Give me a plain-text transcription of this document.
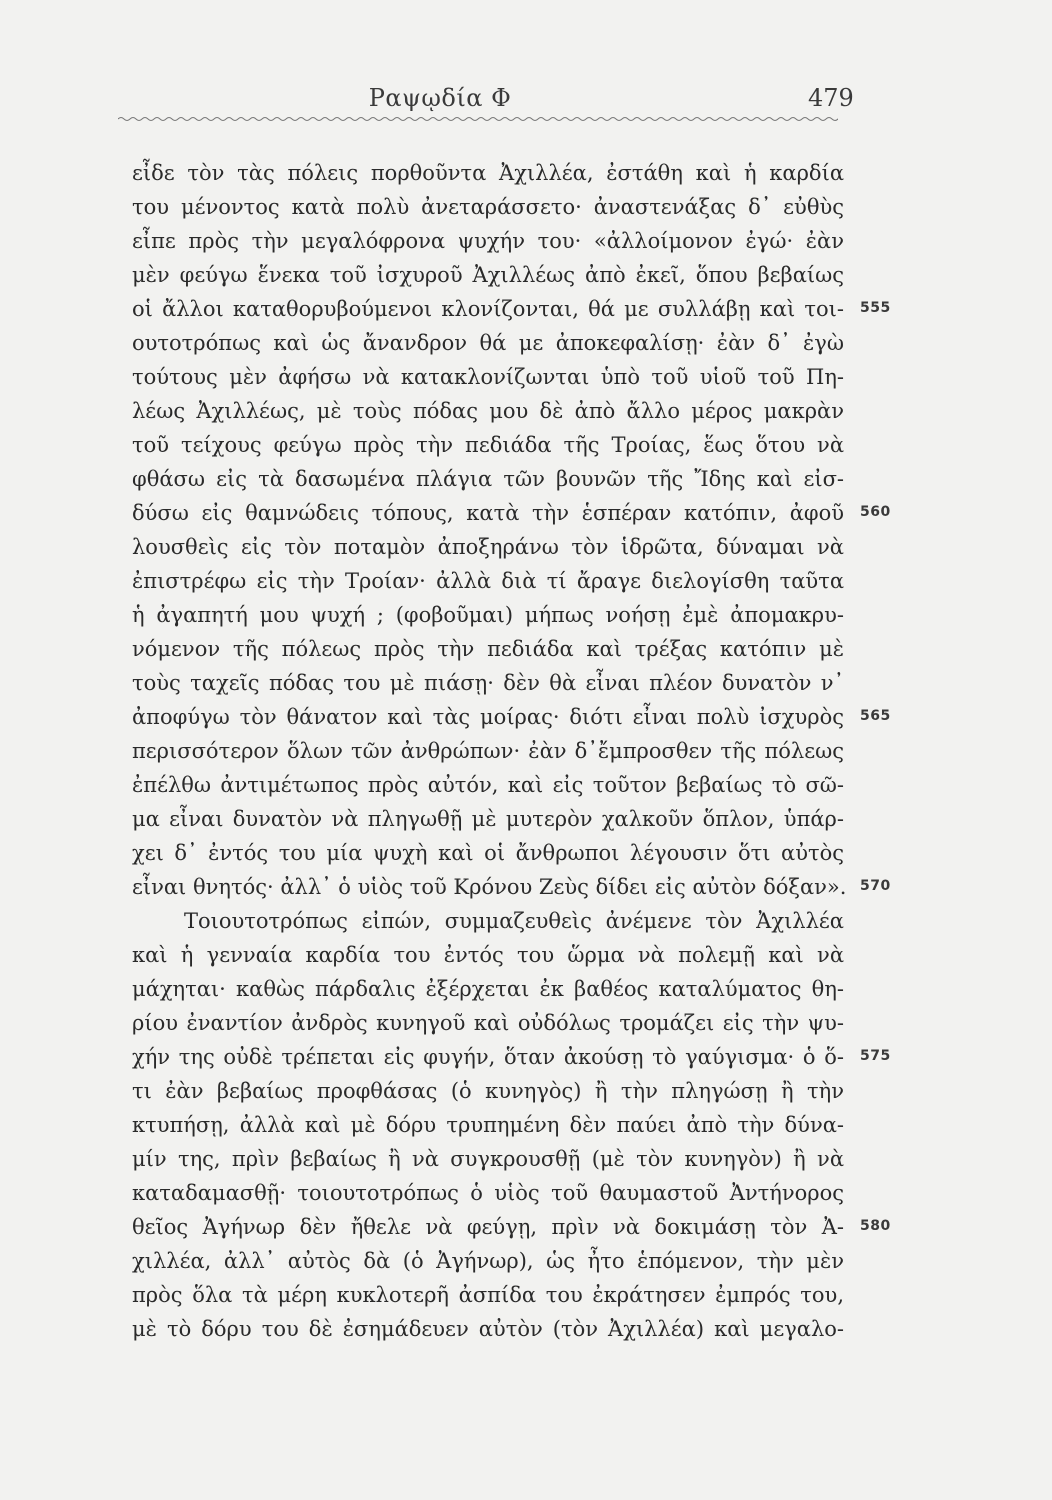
Ραψῳδία Φ	479
εἶδε τὸν τὰς πόλεις πορθοῦντα Ἀχιλλέα, ἐστάθη καὶ ἡ καρδία
του μένοντος κατὰ πολὺ ἀνεταράσσετο· ἀναστενάξας δ᾽ εὐθὺς
εἶπε πρὸς τὴν μεγαλόφρονα ψυχήν του· «ἀλλοίμονον ἐγώ· ἐὰν
μὲν φεύγω ἕνεκα τοῦ ἰσχυροῦ Ἀχιλλέως ἀπὸ ἐκεῖ, ὅπου βεβαίως
οἱ ἄλλοι καταθορυβούμενοι κλονίζονται, θά με συλλάβῃ καὶ τοι-
ουτοτρόπως καὶ ὡς ἄνανδρον θά με ἀποκεφαλίσῃ· ἐὰν δ᾽ ἐγὼ
τούτους μὲν ἀφήσω νὰ κατακλονίζωνται ὑπὸ τοῦ υἱοῦ τοῦ Πη-
λέως Ἀχιλλέως, μὲ τοὺς πόδας μου δὲ ἀπὸ ἄλλο μέρος μακρὰν
τοῦ τείχους φεύγω πρὸς τὴν πεδιάδα τῆς Τροίας, ἕως ὅτου νὰ
φθάσω εἰς τὰ δασωμένα πλάγια τῶν βουνῶν τῆς Ἴδης καὶ εἰσ-
δύσω εἰς θαμνώδεις τόπους, κατὰ τὴν ἑσπέραν κατόπιν, ἀφοῦ
λουσθεὶς εἰς τὸν ποταμὸν ἀποξηράνω τὸν ἱδρῶτα, δύναμαι νὰ
ἐπιστρέφω εἰς τὴν Τροίαν· ἀλλὰ διὰ τί ἄραγε διελογίσθη ταῦτα
ἡ ἀγαπητή μου ψυχή ; (φοβοῦμαι) μήπως νοήσῃ ἐμὲ ἀπομακρυ-
νόμενον τῆς πόλεως πρὸς τὴν πεδιάδα καὶ τρέξας κατόπιν μὲ
τοὺς ταχεῖς πόδας του μὲ πιάσῃ· δὲν θὰ εἶναι πλέον δυνατὸν ν᾽
ἀποφύγω τὸν θάνατον καὶ τὰς μοίρας· διότι εἶναι πολὺ ἰσχυρὸς
περισσότερον ὅλων τῶν ἀνθρώπων· ἐὰν δ᾽ἔμπροσθεν τῆς πόλεως
ἐπέλθω ἀντιμέτωπος πρὸς αὐτόν, καὶ εἰς τοῦτον βεβαίως τὸ σῶ-
μα εἶναι δυνατὸν νὰ πληγωθῇ μὲ μυτερὸν χαλκοῦν ὅπλον, ὑπάρ-
χει δ᾽ ἐντός του μία ψυχὴ καὶ οἱ ἄνθρωποι λέγουσιν ὅτι αὐτὸς
εἶναι θνητός· ἀλλ᾽ ὁ υἱὸς τοῦ Κρόνου Ζεὺς δίδει εἰς αὐτὸν δόξαν».
Τοιουτοτρόπως εἰπών, συμμαζευθεὶς ἀνέμενε τὸν Ἀχιλλέα
καὶ ἡ γενναία καρδία του ἐντός του ὥρμα νὰ πολεμῇ καὶ νὰ
μάχηται· καθὼς πάρδαλις ἐξέρχεται ἐκ βαθέος καταλύματος θη-
ρίου ἐναντίον ἀνδρὸς κυνηγοῦ καὶ οὐδόλως τρομάζει εἰς τὴν ψυ-
χήν της οὐδὲ τρέπεται εἰς φυγήν, ὅταν ἀκούσῃ τὸ γαύγισμα· ὁ ὅ-
τι ἐὰν βεβαίως προφθάσας (ὁ κυνηγὸς) ἢ τὴν πληγώσῃ ἢ τὴν
κτυπήσῃ, ἀλλὰ καὶ μὲ δόρυ τρυπημένη δὲν παύει ἀπὸ τὴν δύνα-
μίν της, πρὶν βεβαίως ἢ νὰ συγκρουσθῇ (μὲ τὸν κυνηγὸν) ἢ νὰ
καταδαμασθῇ· τοιουτοτρόπως ὁ υἱὸς τοῦ θαυμαστοῦ Ἀντήνορος
θεῖος Ἀγήνωρ δὲν ἤθελε νὰ φεύγῃ, πρὶν νὰ δοκιμάσῃ τὸν Ἀ-
χιλλέα, ἀλλ᾽ αὐτὸς δὰ (ὁ Ἀγήνωρ), ὡς ἦτο ἑπόμενον, τὴν μὲν
πρὸς ὅλα τὰ μέρη κυκλοτερῆ ἀσπίδα του ἐκράτησεν ἐμπρός του,
μὲ τὸ δόρυ του δὲ ἐσημάδευεν αὐτὸν (τὸν Ἀχιλλέα) καὶ μεγαλο-
555
560
565
570
575
580
